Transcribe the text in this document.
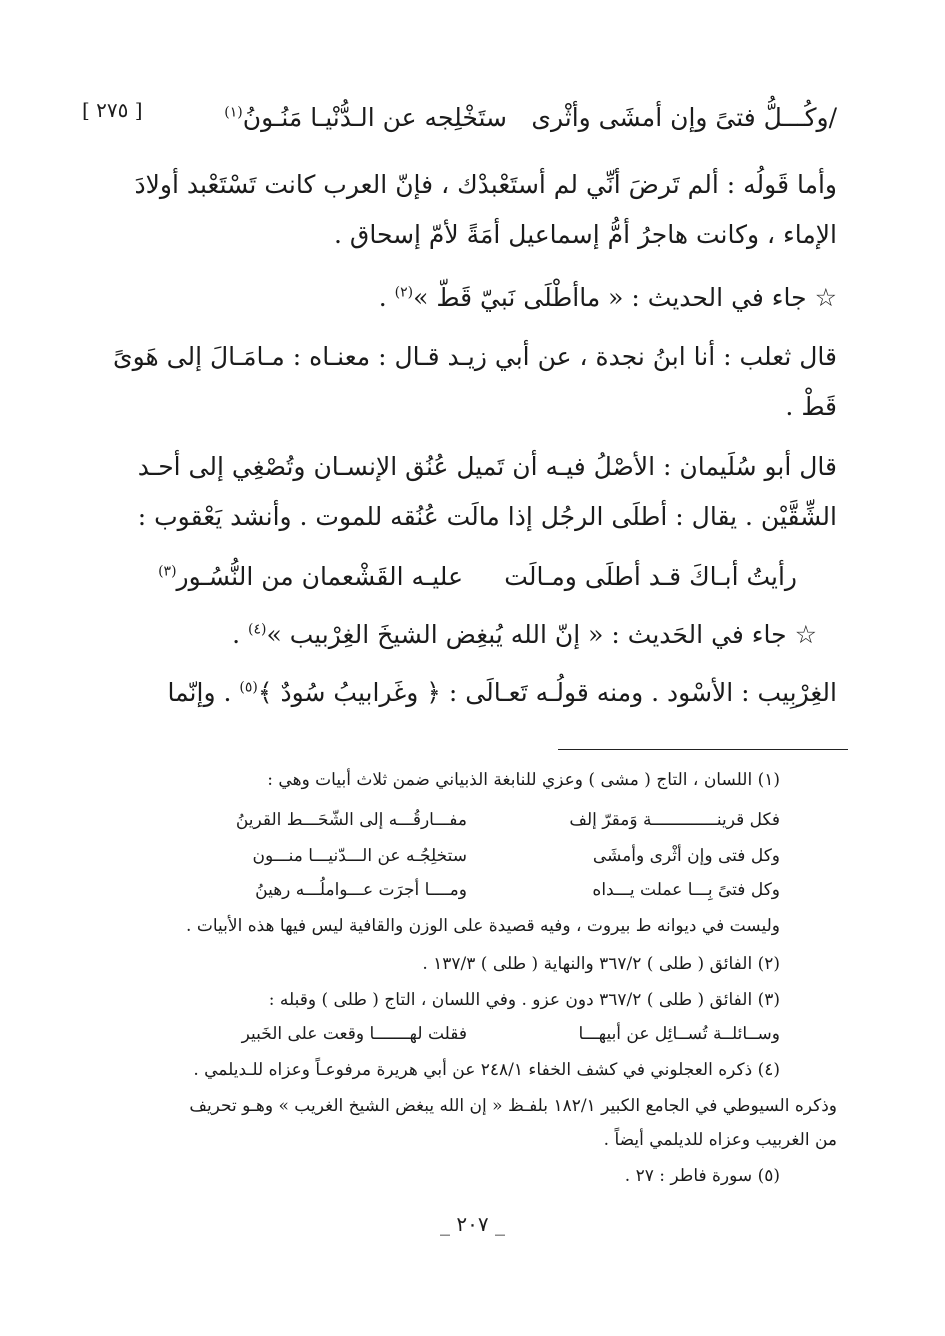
[ ٢٧٥ ]	/وكُـــلُّ فتىً وإن أمشَى وأثْرى
ستَخْلِجه عن الـدُّنْيـا مَنُـونُ$^{(١)}$
وأما قَولُه : ألم تَرضَ أنِّي لم أستَعْبدْك ، فإنّ العرب كانت تَسْتَعْبد أولادَ
الإماء ، وكانت هاجرُ أمُّ إسماعيل أمَةً لأمّ إسحاق .
☆ جاء في الحديث : « ماأطْلَى نَبيّ قَطّ »$^{(٢)}$ .
قال ثعلب : أنا ابنُ نجدة ، عن أبي زيـد قـال : معنـاه : مـامَـالَ إلى هَوىً
قَطْ .
قال أبو سُلَيمان : الأصْلُ فيـه أن تَميل عُنُق الإنسـان وتُصْغِي إلى أحـد
الشِّقَّيْن . يقال : أطلَى الرجُل إذا مالَت عُنُقه للموت . وأنشد يَعْقوب :
رأيتُ أبـاكَ قـد أطلَى ومـالَت
عليـه القَشْعمان من النُّسُـور$^{(٣)}$
☆ جاء في الحَديث : « إنّ الله يُبغِض الشيخَ الغِرْبيب »$^{(٤)}$ .
الغِرْبِيب : الأسْود . ومنه قولُـه تَعـالَى : ﴿ وغَرابيبُ سُودٌ ﴾$^{(٥)}$ . وإنّما
(١) اللسان ، التاج ( مشى ) وعزي للنابغة الذبياني ضمن ثلاث أبيات وهي :
فكل قرينـــــــــــــة وَمقرّ إلف
مفـــارقُـــه إلى الشّحَـــط القرينُ
وكل فتى وإن أثْرى وأمشَى
ستخلِجُـه عن الـــدّنيـــا منـــون
وكل فتىً بِـــا عملت يـــداه
ومــــا أجرَت عـــواملُـــه رهينُ
وليست في ديوانه ط بيروت ، وفيه قصيدة على الوزن والقافية ليس فيها هذه الأبيات .
(٢) الفائق ( طلى ) ٣٦٧/٢ والنهاية ( طلى ) ١٣٧/٣ .
(٣) الفائق ( طلى ) ٣٦٧/٢ دون عزو . وفي اللسان ، التاج ( طلى ) وقبله :
وســائلــة تُســائِل عن أبيهـــا
فقلت لهـــــــا وقعت على الخَبير
(٤) ذكره العجلوني في كشف الخفاء ٢٤٨/١ عن أبي هريرة مرفوعـاً وعزاه للـديلمي .
وذكره السيوطي في الجامع الكبير ١٨٢/١ بلفـظ « إن الله يبغض الشيخ الغريب » وهـو تحريف
من الغربيب وعزاه للديلمي أيضاً .
(٥) سورة فاطر : ٢٧ .
_ ٢٠٧ _
